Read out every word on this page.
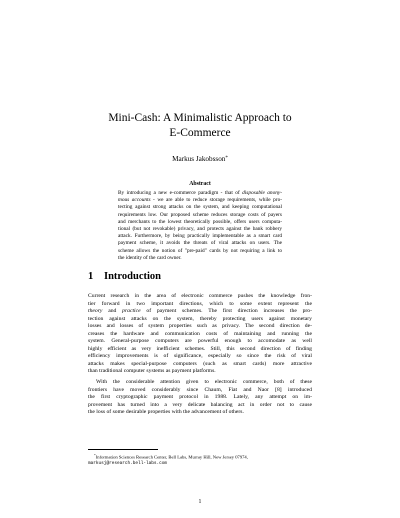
Mini-Cash: A Minimalistic Approach to
E-Commerce
Markus Jakobsson*
Abstract
By introducing a new e-commerce paradigm - that of disposable anony-
mous accounts - we are able to reduce storage requirements, while pro-
tecting against strong attacks on the system, and keeping computational
requirements low. Our proposed scheme reduces storage costs of payers
and merchants to the lowest theoretically possible, offers users computa-
tional (but not revokable) privacy, and protects against the bank robbery
attack. Furthermore, by being practically implementable as a smart card
payment scheme, it avoids the threats of viral attacks on users. The
scheme allows the notion of "pre-paid" cards by not requiring a link to
the identity of the card owner.
1 Introduction
Current research in the area of electronic commerce pushes the knowledge fron-
tier forward in two important directions, which to some extent represent the
theory and practice of payment schemes. The first direction increases the pro-
tection against attacks on the system, thereby protecting users against monetary
losses and losses of system properties such as privacy. The second direction de-
creases the hardware and communication costs of maintaining and running the
system. General-purpose computers are powerful enough to accomodate as well
highly efficient as very inefficient schemes. Still, this second direction of finding
efficiency improvements is of significance, especially so since the risk of viral
attacks makes special-purpose computers (such as smart cards) more attractive
than traditional computer systems as payment platforms.
With the considerable attention given to electronic commerce, both of these
frontiers have moved considerably since Chaum, Fiat and Naor [8] introduced
the first cryptographic payment protocol in 1988. Lately, any attempt on im-
provement has turned into a very delicate balancing act in order not to cause
the loss of some desirable properties with the advancement of others.
*Information Sciences Research Center, Bell Labs, Murray Hill, New Jersey 07974,
markusj@research.bell-labs.com
1
